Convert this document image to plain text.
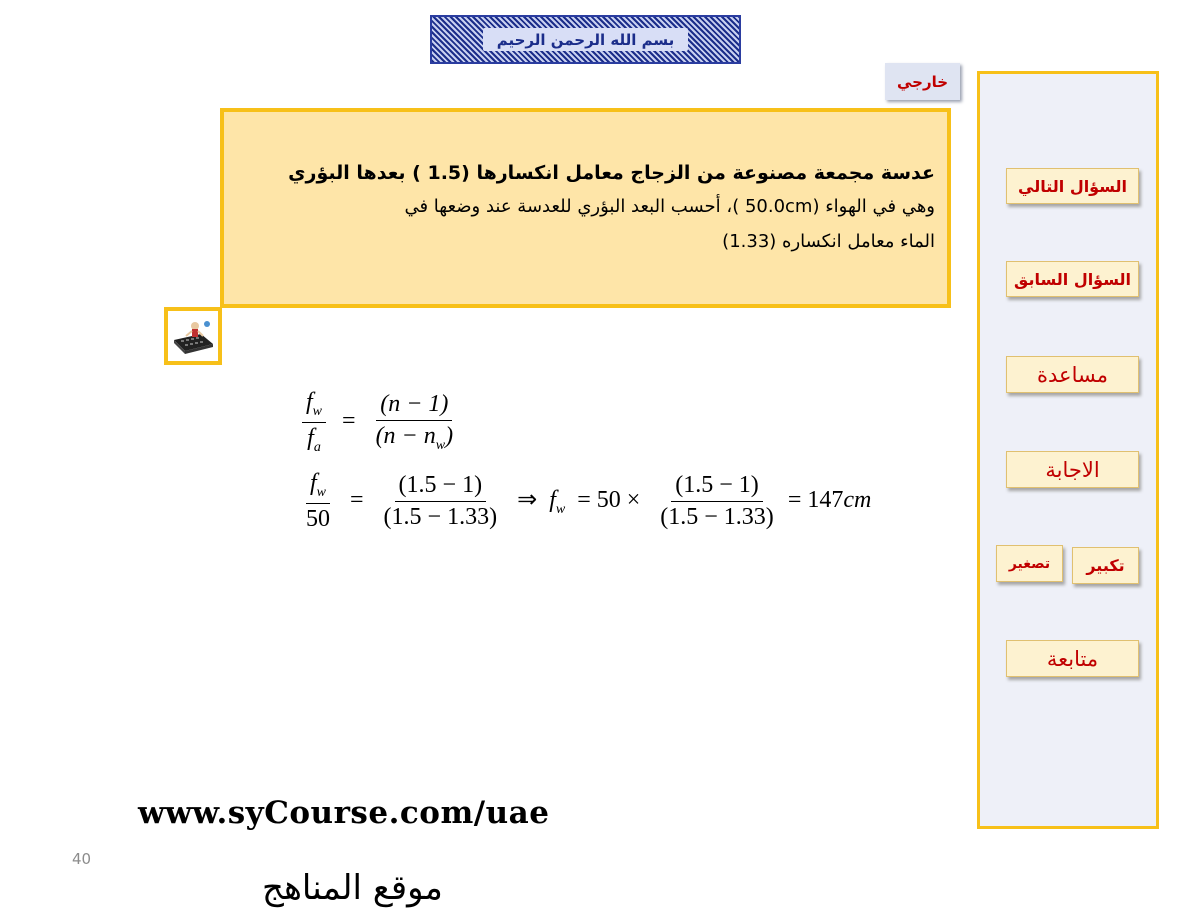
بسم الله الرحمن الرحيم
خارجي
عدسة مجمعة مصنوعة من الزجاج معامل انكسارها (1.5 ) بعدها البؤري
وهي في الهواء (50.0cm )، أحسب البعد البؤري للعدسة عند وضعها في
الماء معامل انكساره (1.33)
$\frac{f_w}{f_a} = \frac{(n - 1)}{(n - n_w)}$
$\frac{f_w}{50} = \frac{(1.5 - 1)}{(1.5 - 1.33)}$ ⇒ $f_w = 50 \times \frac{(1.5 - 1)}{(1.5 - 1.33)} = 147cm$
السؤال التالي
السؤال السابق
مساعدة
الاجابة
تصغير	تكبير
متابعة
www.syCourse.com/uae
40
موقع المناهج
